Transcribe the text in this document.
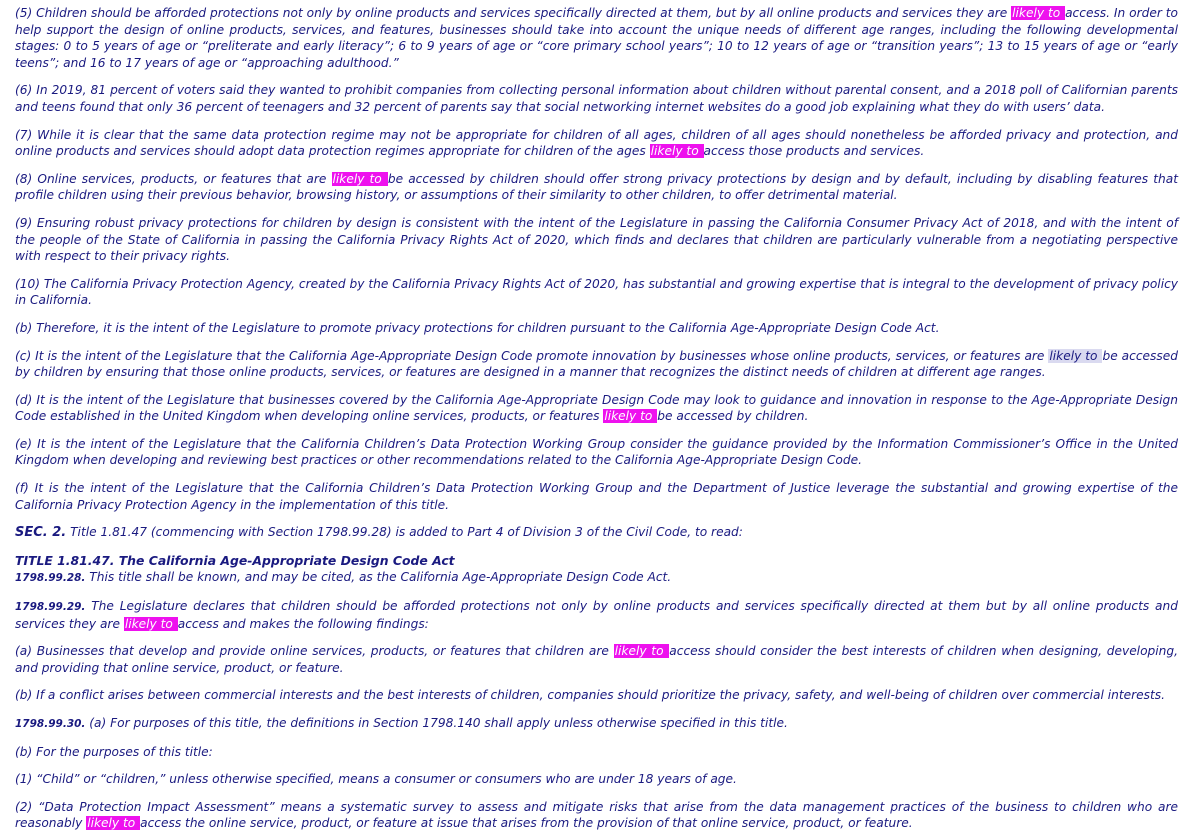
(5) Children should be afforded protections not only by online products and services specifically directed at them, but by all online products and services they are likely to access. In order to help support the design of online products, services, and features, businesses should take into account the unique needs of different age ranges, including the following developmental stages: 0 to 5 years of age or “preliterate and early literacy”; 6 to 9 years of age or “core primary school years”; 10 to 12 years of age or “transition years”; 13 to 15 years of age or “early teens”; and 16 to 17 years of age or “approaching adulthood.”

(6) In 2019, 81 percent of voters said they wanted to prohibit companies from collecting personal information about children without parental consent, and a 2018 poll of Californian parents and teens found that only 36 percent of teenagers and 32 percent of parents say that social networking internet websites do a good job explaining what they do with users’ data.

(7) While it is clear that the same data protection regime may not be appropriate for children of all ages, children of all ages should nonetheless be afforded privacy and protection, and online products and services should adopt data protection regimes appropriate for children of the ages likely to access those products and services.

(8) Online services, products, or features that are likely to be accessed by children should offer strong privacy protections by design and by default, including by disabling features that profile children using their previous behavior, browsing history, or assumptions of their similarity to other children, to offer detrimental material.

(9) Ensuring robust privacy protections for children by design is consistent with the intent of the Legislature in passing the California Consumer Privacy Act of 2018, and with the intent of the people of the State of California in passing the California Privacy Rights Act of 2020, which finds and declares that children are particularly vulnerable from a negotiating perspective with respect to their privacy rights.

(10) The California Privacy Protection Agency, created by the California Privacy Rights Act of 2020, has substantial and growing expertise that is integral to the development of privacy policy in California.

(b) Therefore, it is the intent of the Legislature to promote privacy protections for children pursuant to the California Age-Appropriate Design Code Act.

(c) It is the intent of the Legislature that the California Age-Appropriate Design Code promote innovation by businesses whose online products, services, or features are likely to be accessed by children by ensuring that those online products, services, or features are designed in a manner that recognizes the distinct needs of children at different age ranges.

(d) It is the intent of the Legislature that businesses covered by the California Age-Appropriate Design Code may look to guidance and innovation in response to the Age-Appropriate Design Code established in the United Kingdom when developing online services, products, or features likely to be accessed by children.

(e) It is the intent of the Legislature that the California Children’s Data Protection Working Group consider the guidance provided by the Information Commissioner’s Office in the United Kingdom when developing and reviewing best practices or other recommendations related to the California Age-Appropriate Design Code.

(f) It is the intent of the Legislature that the California Children’s Data Protection Working Group and the Department of Justice leverage the substantial and growing expertise of the California Privacy Protection Agency in the implementation of this title.

SEC. 2. Title 1.81.47 (commencing with Section 1798.99.28) is added to Part 4 of Division 3 of the Civil Code, to read:

TITLE 1.81.47. The California Age-Appropriate Design Code Act

1798.99.28. This title shall be known, and may be cited, as the California Age-Appropriate Design Code Act.

1798.99.29. The Legislature declares that children should be afforded protections not only by online products and services specifically directed at them but by all online products and services they are likely to access and makes the following findings:

(a) Businesses that develop and provide online services, products, or features that children are likely to access should consider the best interests of children when designing, developing, and providing that online service, product, or feature.

(b) If a conflict arises between commercial interests and the best interests of children, companies should prioritize the privacy, safety, and well-being of children over commercial interests.

1798.99.30. (a) For purposes of this title, the definitions in Section 1798.140 shall apply unless otherwise specified in this title.

(b) For the purposes of this title:

(1) “Child” or “children,” unless otherwise specified, means a consumer or consumers who are under 18 years of age.

(2) “Data Protection Impact Assessment” means a systematic survey to assess and mitigate risks that arise from the data management practices of the business to children who are reasonably likely to access the online service, product, or feature at issue that arises from the provision of that online service, product, or feature.
